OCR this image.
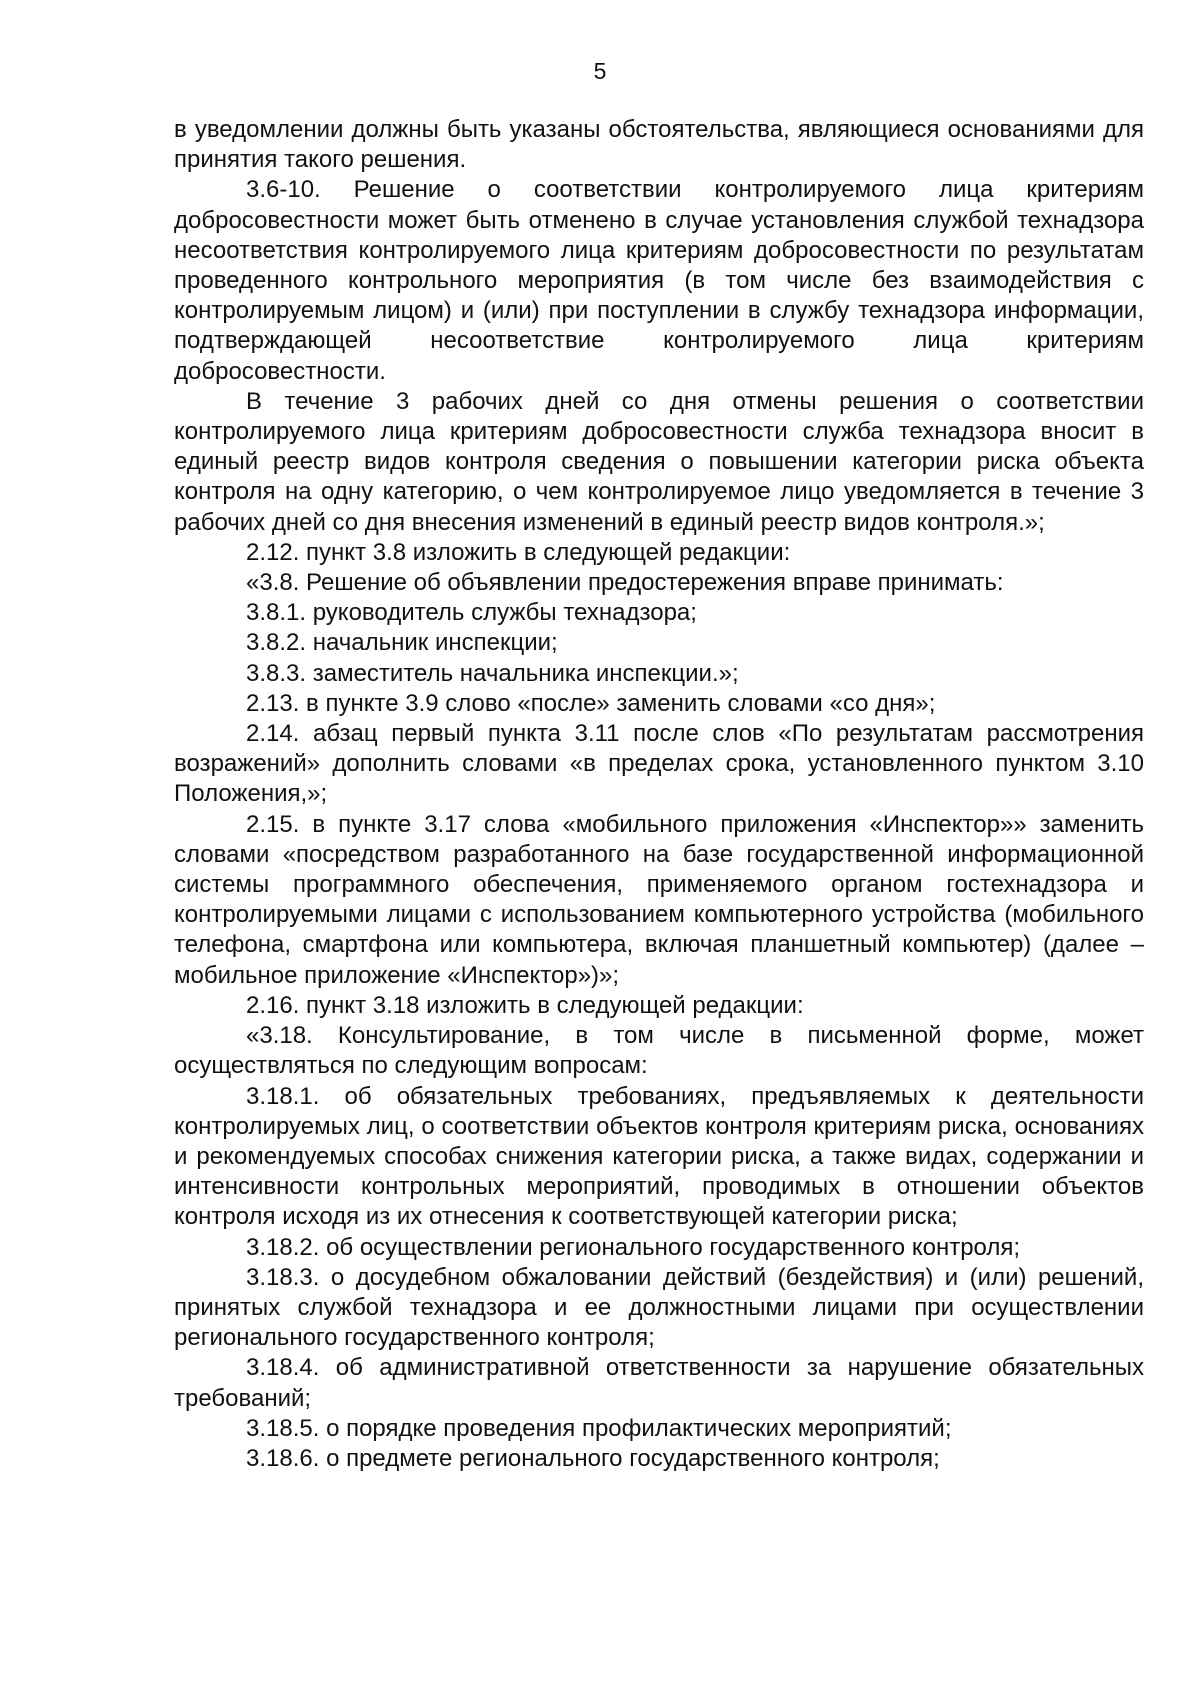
5

в уведомлении должны быть указаны обстоятельства, являющиеся основаниями для принятия такого решения.

3.6-10. Решение о соответствии контролируемого лица критериям добросовестности может быть отменено в случае установления службой технадзора несоответствия контролируемого лица критериям добросовестности по результатам проведенного контрольного мероприятия (в том числе без взаимодействия с контролируемым лицом) и (или) при поступлении в службу технадзора информации, подтверждающей несоответствие контролируемого лица критериям добросовестности.

В течение 3 рабочих дней со дня отмены решения о соответствии контролируемого лица критериям добросовестности служба технадзора вносит в единый реестр видов контроля сведения о повышении категории риска объекта контроля на одну категорию, о чем контролируемое лицо уведомляется в течение 3 рабочих дней со дня внесения изменений в единый реестр видов контроля.»;

2.12. пункт 3.8 изложить в следующей редакции:

«3.8. Решение об объявлении предостережения вправе принимать:

3.8.1. руководитель службы технадзора;

3.8.2. начальник инспекции;

3.8.3. заместитель начальника инспекции.»;

2.13. в пункте 3.9 слово «после» заменить словами «со дня»;

2.14. абзац первый пункта 3.11 после слов «По результатам рассмотрения возражений» дополнить словами «в пределах срока, установленного пунктом 3.10 Положения,»;

2.15. в пункте 3.17 слова «мобильного приложения «Инспектор»» заменить словами «посредством разработанного на базе государственной информационной системы программного обеспечения, применяемого органом гостехнадзора и контролируемыми лицами с использованием компьютерного устройства (мобильного телефона, смартфона или компьютера, включая планшетный компьютер) (далее – мобильное приложение «Инспектор»)»;

2.16. пункт 3.18 изложить в следующей редакции:

«3.18. Консультирование, в том числе в письменной форме, может осуществляться по следующим вопросам:

3.18.1. об обязательных требованиях, предъявляемых к деятельности контролируемых лиц, о соответствии объектов контроля критериям риска, основаниях и рекомендуемых способах снижения категории риска, а также видах, содержании и интенсивности контрольных мероприятий, проводимых в отношении объектов контроля исходя из их отнесения к соответствующей категории риска;

3.18.2. об осуществлении регионального государственного контроля;

3.18.3. о досудебном обжаловании действий (бездействия) и (или) решений, принятых службой технадзора и ее должностными лицами при осуществлении регионального государственного контроля;

3.18.4. об административной ответственности за нарушение обязательных требований;

3.18.5. о порядке проведения профилактических мероприятий;

3.18.6. о предмете регионального государственного контроля;
